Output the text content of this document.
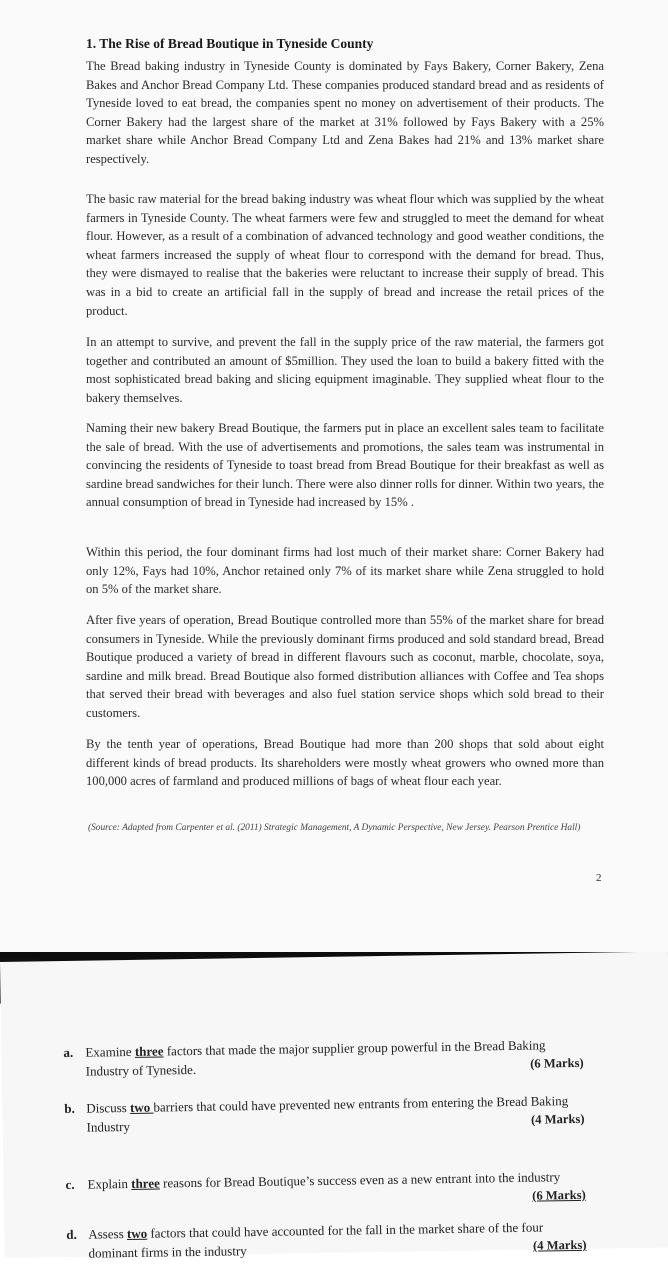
1. The Rise of Bread Boutique in Tyneside County

The Bread baking industry in Tyneside County is dominated by Fays Bakery, Corner Bakery, Zena Bakes and Anchor Bread Company Ltd. These companies produced standard bread and as residents of Tyneside loved to eat bread, the companies spent no money on advertisement of their products. The Corner Bakery had the largest share of the market at 31% followed by Fays Bakery with a 25% market share while Anchor Bread Company Ltd and Zena Bakes had 21% and 13% market share respectively.

The basic raw material for the bread baking industry was wheat flour which was supplied by the wheat farmers in Tyneside County. The wheat farmers were few and struggled to meet the demand for wheat flour. However, as a result of a combination of advanced technology and good weather conditions, the wheat farmers increased the supply of wheat flour to correspond with the demand for bread. Thus, they were dismayed to realise that the bakeries were reluctant to increase their supply of bread. This was in a bid to create an artificial fall in the supply of bread and increase the retail prices of the product.

In an attempt to survive, and prevent the fall in the supply price of the raw material, the farmers got together and contributed an amount of $5million. They used the loan to build a bakery fitted with the most sophisticated bread baking and slicing equipment imaginable. They supplied wheat flour to the bakery themselves.

Naming their new bakery Bread Boutique, the farmers put in place an excellent sales team to facilitate the sale of bread. With the use of advertisements and promotions, the sales team was instrumental in convincing the residents of Tyneside to toast bread from Bread Boutique for their breakfast as well as sardine bread sandwiches for their lunch. There were also dinner rolls for dinner. Within two years, the annual consumption of bread in Tyneside had increased by 15% .

Within this period, the four dominant firms had lost much of their market share: Corner Bakery had only 12%, Fays had 10%, Anchor retained only 7% of its market share while Zena struggled to hold on 5% of the market share.

After five years of operation, Bread Boutique controlled more than 55% of the market share for bread consumers in Tyneside. While the previously dominant firms produced and sold standard bread, Bread Boutique produced a variety of bread in different flavours such as coconut, marble, chocolate, soya, sardine and milk bread. Bread Boutique also formed distribution alliances with Coffee and Tea shops that served their bread with beverages and also fuel station service shops which sold bread to their customers.

By the tenth year of operations, Bread Boutique had more than 200 shops that sold about eight different kinds of bread products. Its shareholders were mostly wheat growers who owned more than 100,000 acres of farmland and produced millions of bags of wheat flour each year.

(Source: Adapted from Carpenter et al. (2011) Strategic Management, A Dynamic Perspective, New Jersey. Pearson Prentice Hall)
2
a. Examine three factors that made the major supplier group powerful in the Bread Baking Industry of Tyneside.	(6 Marks)
b. Discuss two barriers that could have prevented new entrants from entering the Bread Baking Industry	(4 Marks)
c. Explain three reasons for Bread Boutique’s success even as a new entrant into the industry
(6 Marks)
d. Assess two factors that could have accounted for the fall in the market share of the four dominant firms in the industry	(4 Marks)
